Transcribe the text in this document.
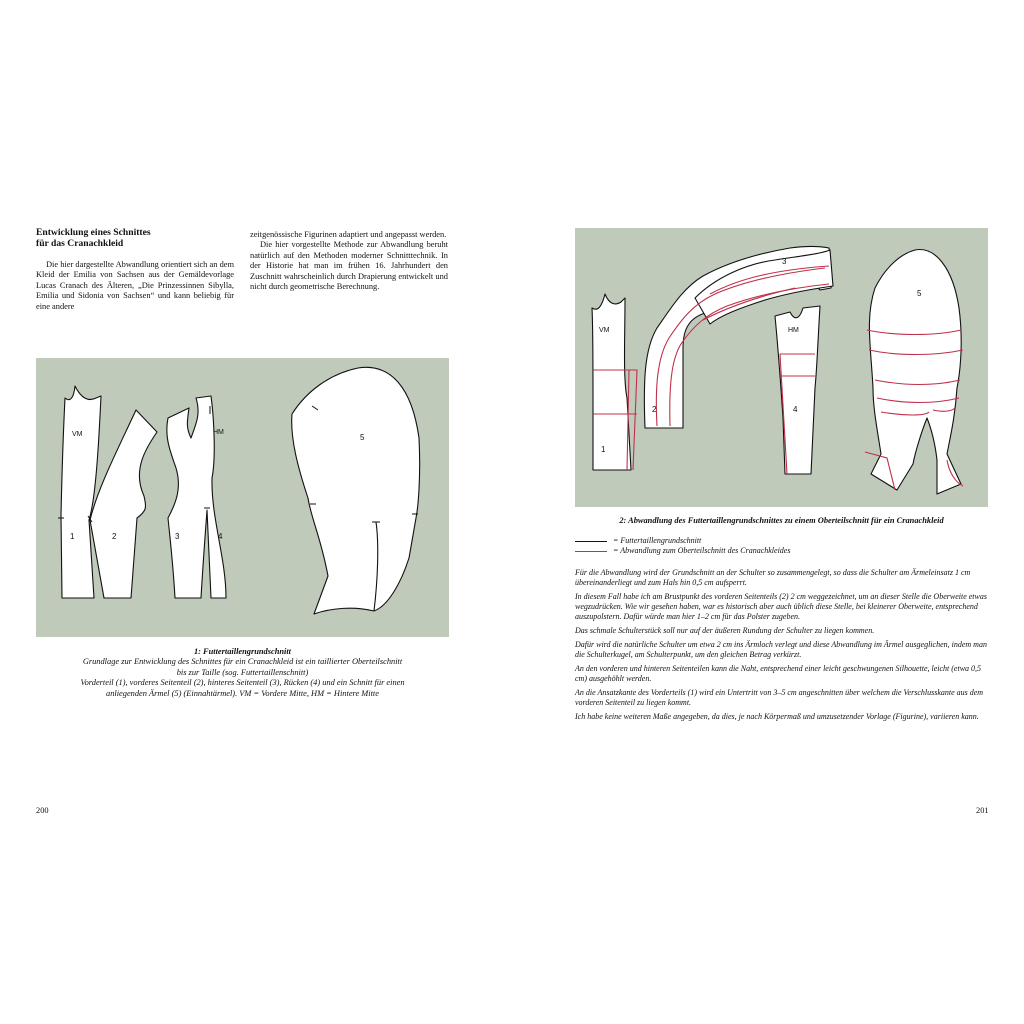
Entwicklung eines Schnittes
für das Cranachkleid

Die hier dargestellte Abwandlung orientiert sich an dem Kleid der Emilia von Sachsen aus der Gemäldevorlage Lucas Cranach des Älteren, „Die Prinzessinnen Sibylla, Emilia und Sidonia von Sachsen“ und kann beliebig für eine andere

zeitgenössische Figurinen adaptiert und angepasst werden.

Die hier vorgestellte Methode zur Abwandlung beruht natürlich auf den Methoden moderner Schnitttechnik. In der Historie hat man im frühen 16. Jahrhundert den Zuschnitt wahrscheinlich durch Drapierung entwickelt und nicht durch geometrische Berechnung.

VM	HM
1	2	3	4
5
1: Futtertaillengrundschnitt
Grundlage zur Entwicklung des Schnittes für ein Cranachkleid ist ein taillierter Oberteilschnitt
bis zur Taille (sog. Futtertaillenschnitt)
Vorderteil (1), vorderes Seitenteil (2), hinteres Seitenteil (3), Rücken (4) und ein Schnitt für einen
anliegenden Ärmel (5) (Einnahtärmel). VM = Vordere Mitte, HM = Hintere Mitte
200
VM	HM
1
2
3
4
5
2: Abwandlung des Futtertaillengrundschnittes zu einem Oberteilschnitt für ein Cranachkleid
= Futtertaillengrundschnitt
= Abwandlung zum Oberteilschnitt des Cranachkleides

Für die Abwandlung wird der Grundschnitt an der Schulter so zusammengelegt, so dass die Schulter am Ärmeleinsatz 1 cm übereinanderliegt und zum Hals hin 0,5 cm aufsperrt.

In diesem Fall habe ich am Brustpunkt des vorderen Seitenteils (2) 2 cm weggezeichnet, um an dieser Stelle die Oberweite etwas wegzudrücken. Wie wir gesehen haben, war es historisch aber auch üblich diese Stelle, bei kleinerer Oberweite, entsprechend auszupolstern. Dafür würde man hier 1–2 cm für das Polster zugeben.

Das schmale Schulterstück soll nur auf der äußeren Rundung der Schulter zu liegen kommen.

Dafür wird die natürliche Schulter um etwa 2 cm ins Ärmloch verlegt und diese Abwandlung im Ärmel ausgeglichen, indem man die Schulterkugel, am Schulterpunkt, um den gleichen Betrag verkürzt.

An den vorderen und hinteren Seitenteilen kann die Naht, entsprechend einer leicht geschwungenen Silhouette, leicht (etwa 0,5 cm) ausgehöhlt werden.

An die Ansatzkante des Vorderteils (1) wird ein Untertritt von 3–5 cm angeschnitten über welchem die Verschlusskante aus dem vorderen Seitenteil zu liegen kommt.

Ich habe keine weiteren Maße angegeben, da dies, je nach Körpermaß und umzusetzender Vorlage (Figurine), variieren kann.

201
